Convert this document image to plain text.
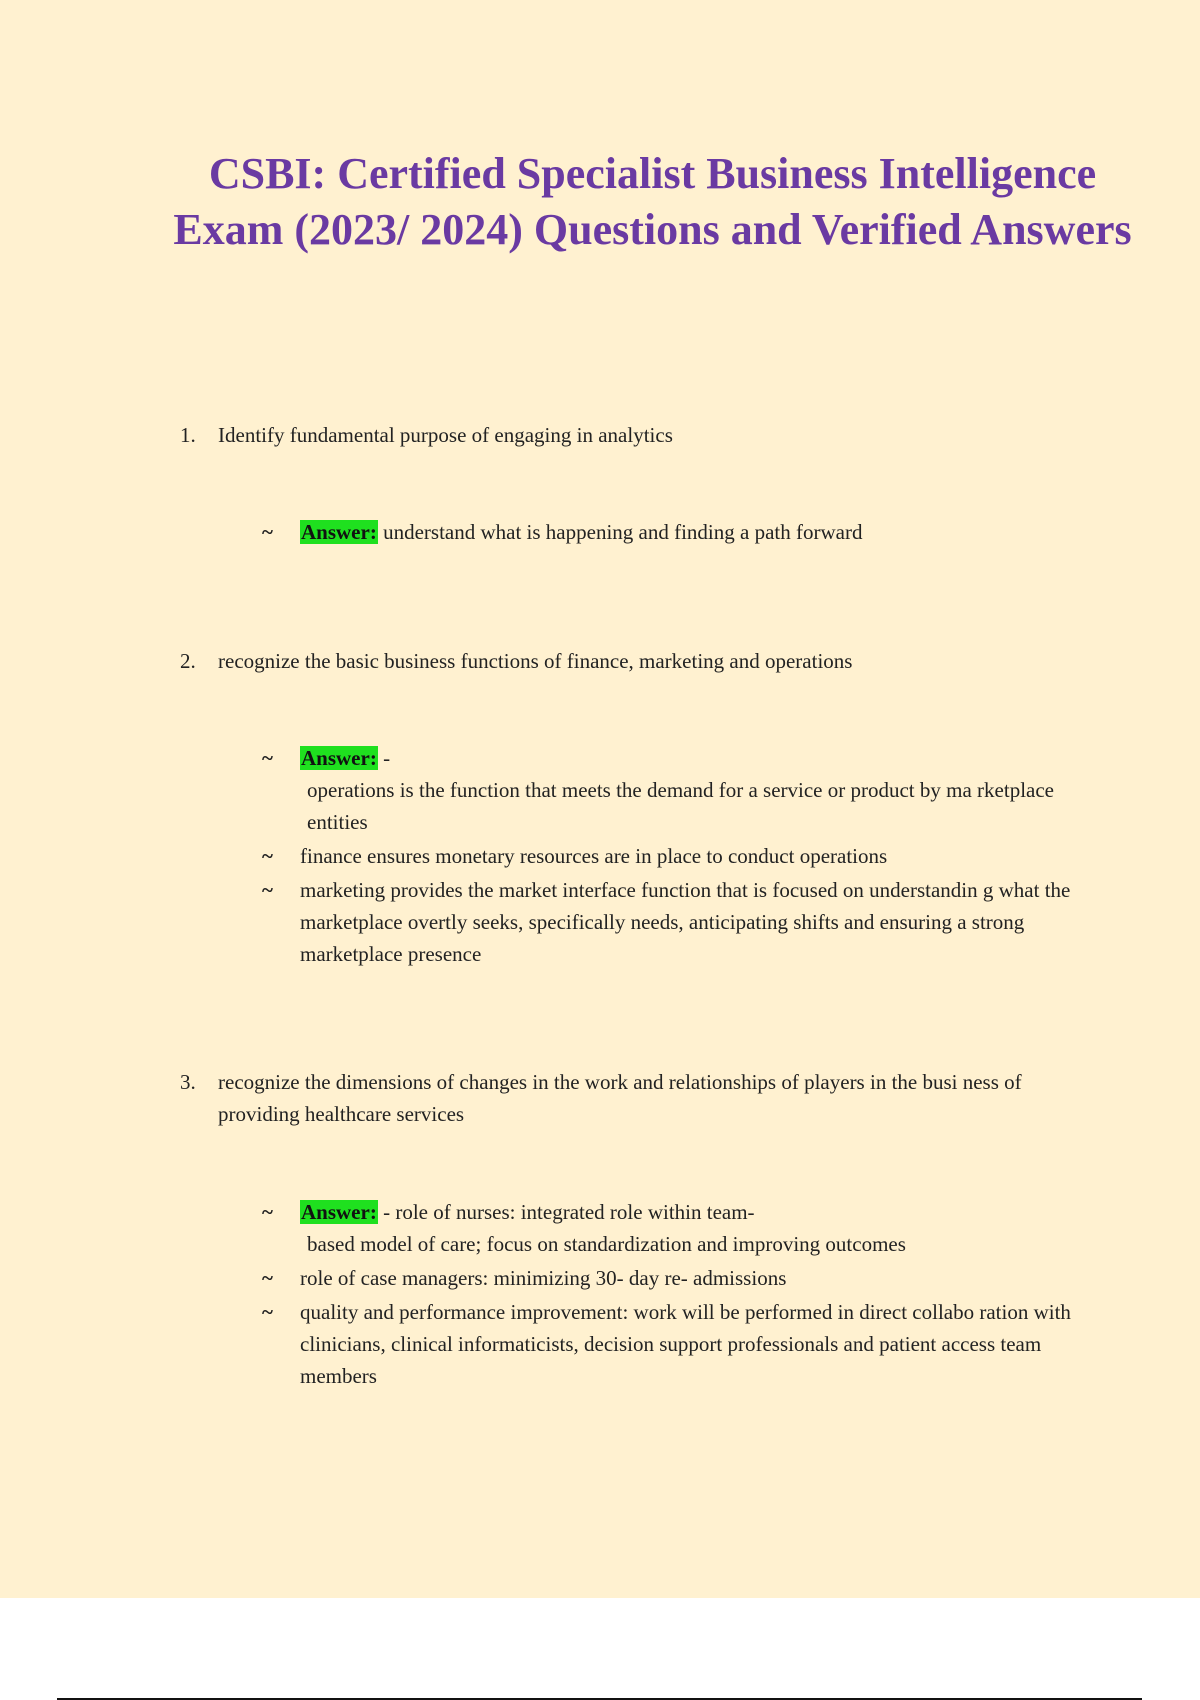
CSBI: Certified Specialist Business Intelligence Exam (2023/ 2024) Questions and Verified Answers
1.	Identify fundamental purpose of engaging in analytics
~ Answer: understand what is happening and finding a path forward
2.	recognize the basic business functions of finance, marketing and operations
~ Answer: -
operations is the function that meets the demand for a service or product by ma rketplace entities
~ finance ensures monetary resources are in place to conduct operations
~ marketing provides the market interface function that is focused on understandin g what the marketplace overtly seeks, specifically needs, anticipating shifts and ensuring a strong marketplace presence
3.	recognize the dimensions of changes in the work and relationships of players in the busi ness of providing healthcare services
~ Answer: - role of nurses: integrated role within team-
based model of care; focus on standardization and improving outcomes
~ role of case managers: minimizing 30- day re- admissions
~ quality and performance improvement: work will be performed in direct collabo ration with clinicians, clinical informaticists, decision support professionals and patient access team members
